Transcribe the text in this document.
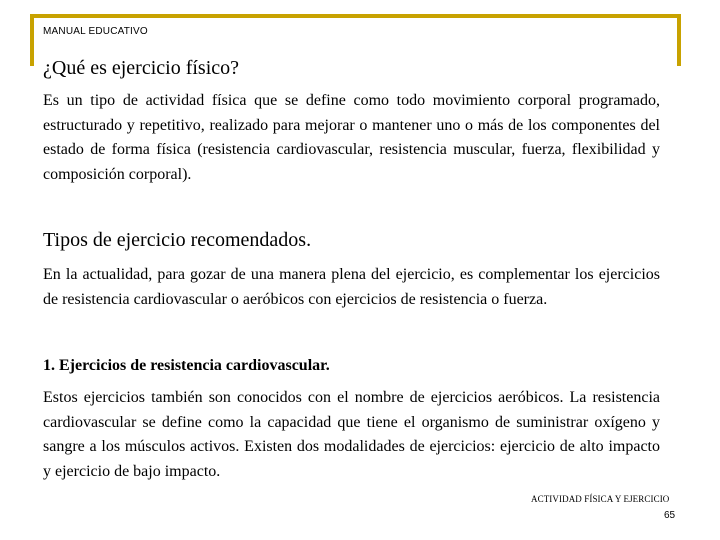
MANUAL EDUCATIVO
¿Qué es ejercicio físico?

Es un tipo de actividad física que se define como todo movimiento corporal programado, estructurado y repetitivo, realizado para mejorar o mantener uno o más de los componentes del estado de forma física (resistencia cardiovascular, resistencia muscular, fuerza, flexibilidad y composición corporal).

Tipos de ejercicio recomendados.

En la actualidad, para gozar de una manera plena del ejercicio, es complementar los ejercicios de resistencia cardiovascular o aeróbicos con ejercicios de resistencia o fuerza.

1. Ejercicios de resistencia cardiovascular.

Estos ejercicios también son conocidos con el nombre de ejercicios aeróbicos. La resistencia cardiovascular se define como la capacidad que tiene el organismo de suministrar oxígeno y sangre a los músculos activos. Existen dos modalidades de ejercicios: ejercicio de alto impacto y ejercicio de bajo impacto.

ACTIVIDAD FÍSICA Y EJERCICIO
65
